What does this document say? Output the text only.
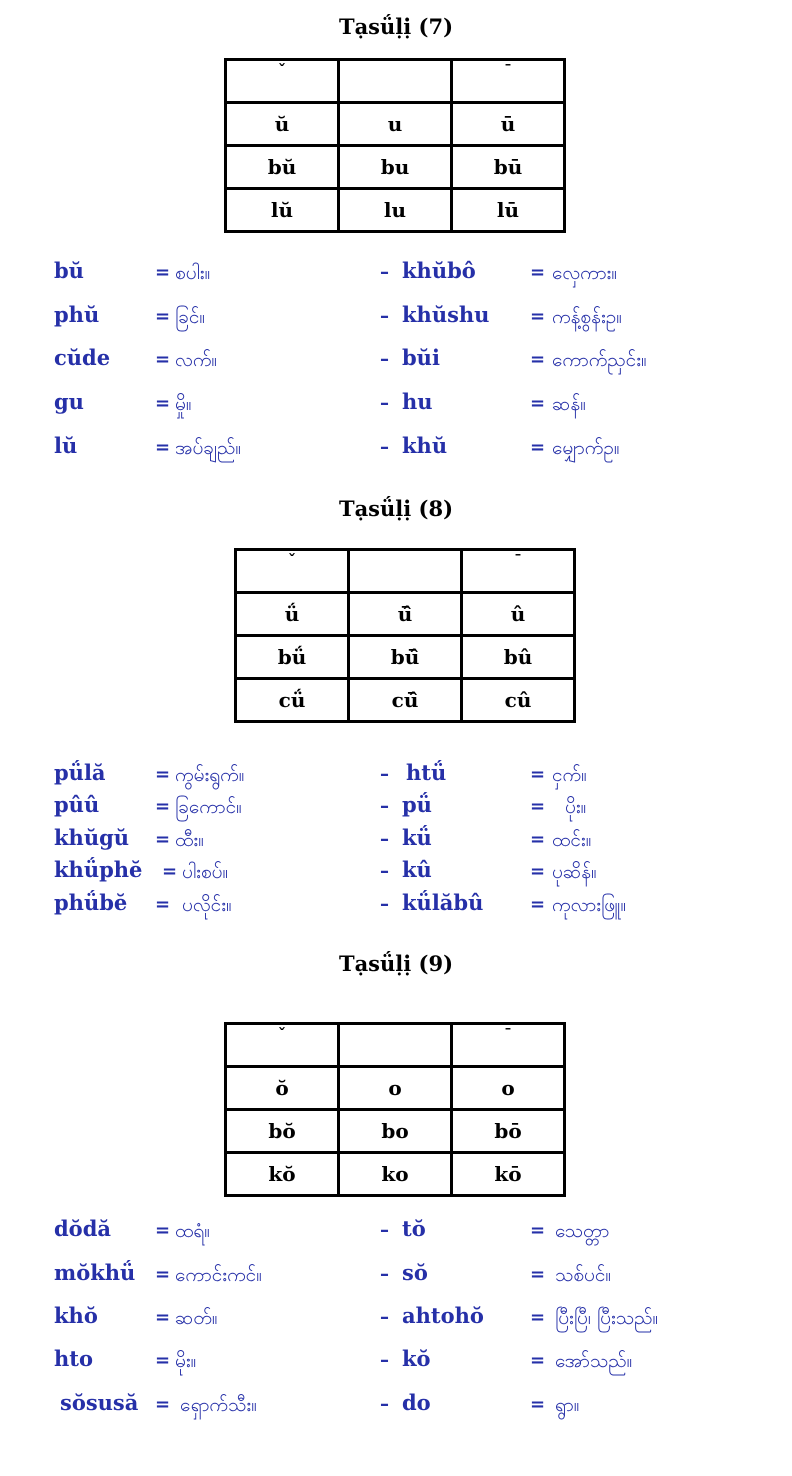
Tạsǘḷị (7)
ˇ		ˉ
ŭ	u	ū
bŭ	bu	bū
lŭ	lu	lū
bŭ	= စပါး။	– khŭbô	= လှေကား။
phŭ	= ခြင်။	– khŭshu = ကန့်စွန်းဥ။
cŭde = လက်။	– bŭi	= ကောက်ညှင်း။
gu	= မှို။	– hu	= ဆန်။
lŭ	= အပ်ချည်။	– khŭ	= မျှောက်ဥ။
Tạsǘḷị (8)
ˇ		ˉ
ǘ	ū̂	û
bǘ	bū̂	bû
cǘ	cū̂	cû
pǘlă	= ကွမ်းရွက်။	– htǘ	= ငှက်။
pûû	= ခြကောင်။	– pǘ	= ပိုး။
khŭgŭ = ထီး။	– kǘ	= ထင်း။
khǘphĕ = ပါးစပ်။	– kû	= ပုဆိန်။
phǘbĕ = ပလိုင်း။	– kǘlăbû	= ကုလားဖြူ။
Tạsǘḷị (9)
ˇ		ˉ
ŏ	o	o
bŏ	bo	bō
kŏ	ko	kō
dŏdă = ထရံ။	– tŏ	= သေတ္တာ
mŏkhǘ = ကောင်းကင်။	– sŏ	= သစ်ပင်။
khŏ	= ဆတ်။	– ahtohŏ	= ပြီးပြီ၊ ပြီးသည်။
hto	= မိုး။	– kŏ	= အော်သည်။
sŏsusă = ရှောက်သီး။	– do	= ရွာ။
